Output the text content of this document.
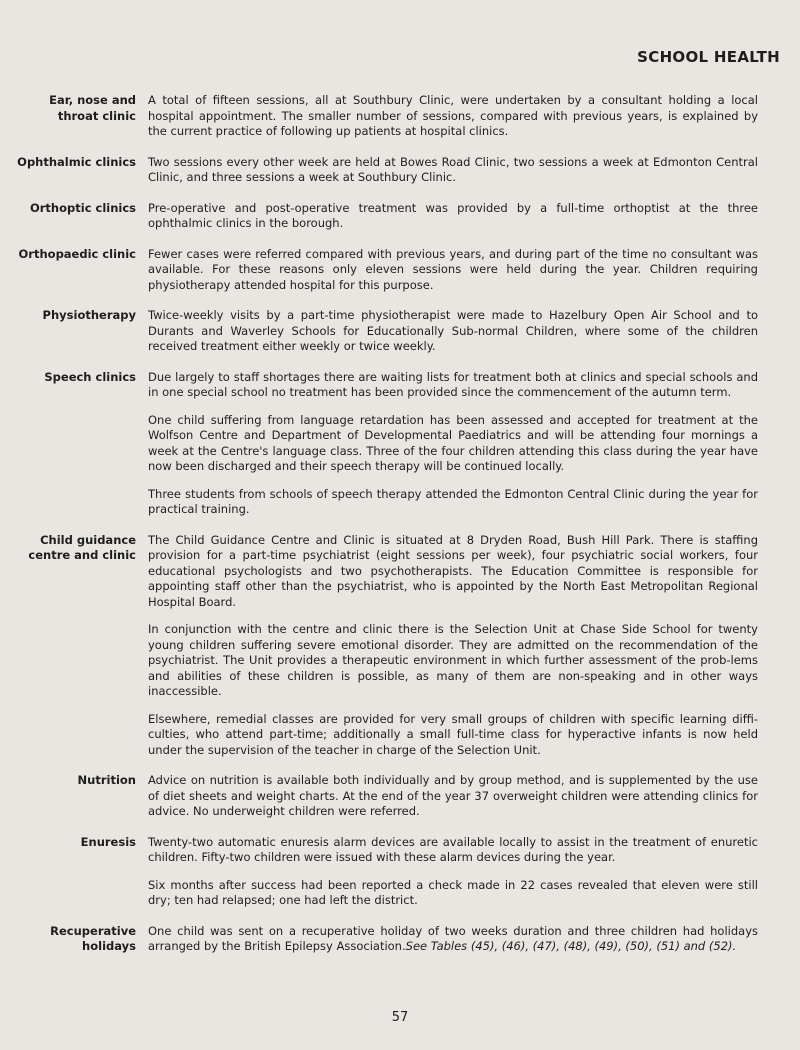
SCHOOL HEALTH
Ear, nose and
throat clinic

A total of fifteen sessions, all at Southbury Clinic, were undertaken by a consultant holding a local hospital appointment. The smaller number of sessions, compared with previous years, is explained by the current practice of following up patients at hospital clinics.

Ophthalmic clinics Two sessions every other week are held at Bowes Road Clinic, two sessions a week at Edmonton Central Clinic, and three sessions a week at Southbury Clinic.

Orthoptic clinics Pre-operative and post-operative treatment was provided by a full-time orthoptist at the three ophthalmic clinics in the borough.

Orthopaedic clinic Fewer cases were referred compared with previous years, and during part of the time no consultant was available. For these reasons only eleven sessions were held during the year. Children requiring physiotherapy attended hospital for this purpose.

Physiotherapy Twice-weekly visits by a part-time physiotherapist were made to Hazelbury Open Air School and to Durants and Waverley Schools for Educationally Sub-normal Children, where some of the children received treatment either weekly or twice weekly.

Speech clinics Due largely to staff shortages there are waiting lists for treatment both at clinics and special schools and in one special school no treatment has been provided since the commencement of the autumn term.

One child suffering from language retardation has been assessed and accepted for treatment at the Wolfson Centre and Department of Developmental Paediatrics and will be attending four mornings a week at the Centre's language class. Three of the four children attending this class during the year have now been discharged and their speech therapy will be continued locally.

Three students from schools of speech therapy attended the Edmonton Central Clinic during the year for practical training.

Child guidance
centre and clinic

The Child Guidance Centre and Clinic is situated at 8 Dryden Road, Bush Hill Park. There is staffing provision for a part-time psychiatrist (eight sessions per week), four psychiatric social workers, four educational psychologists and two psychotherapists. The Education Committee is responsible for appointing staff other than the psychiatrist, who is appointed by the North East Metropolitan Regional Hospital Board.

In conjunction with the centre and clinic there is the Selection Unit at Chase Side School for twenty young children suffering severe emotional disorder. They are admitted on the recommendation of the psychiatrist. The Unit provides a therapeutic environment in which further assessment of the prob-lems and abilities of these children is possible, as many of them are non-speaking and in other ways inaccessible.

Elsewhere, remedial classes are provided for very small groups of children with specific learning diffi-culties, who attend part-time; additionally a small full-time class for hyperactive infants is now held under the supervision of the teacher in charge of the Selection Unit.

Nutrition Advice on nutrition is available both individually and by group method, and is supplemented by the use of diet sheets and weight charts. At the end of the year 37 overweight children were attending clinics for advice. No underweight children were referred.

Enuresis Twenty-two automatic enuresis alarm devices are available locally to assist in the treatment of enuretic children. Fifty-two children were issued with these alarm devices during the year.

Six months after success had been reported a check made in 22 cases revealed that eleven were still dry; ten had relapsed; one had left the district.

Recuperative
holidays

One child was sent on a recuperative holiday of two weeks duration and three children had holidays arranged by the British Epilepsy Association.See Tables (45), (46), (47), (48), (49), (50), (51) and (52).

57
